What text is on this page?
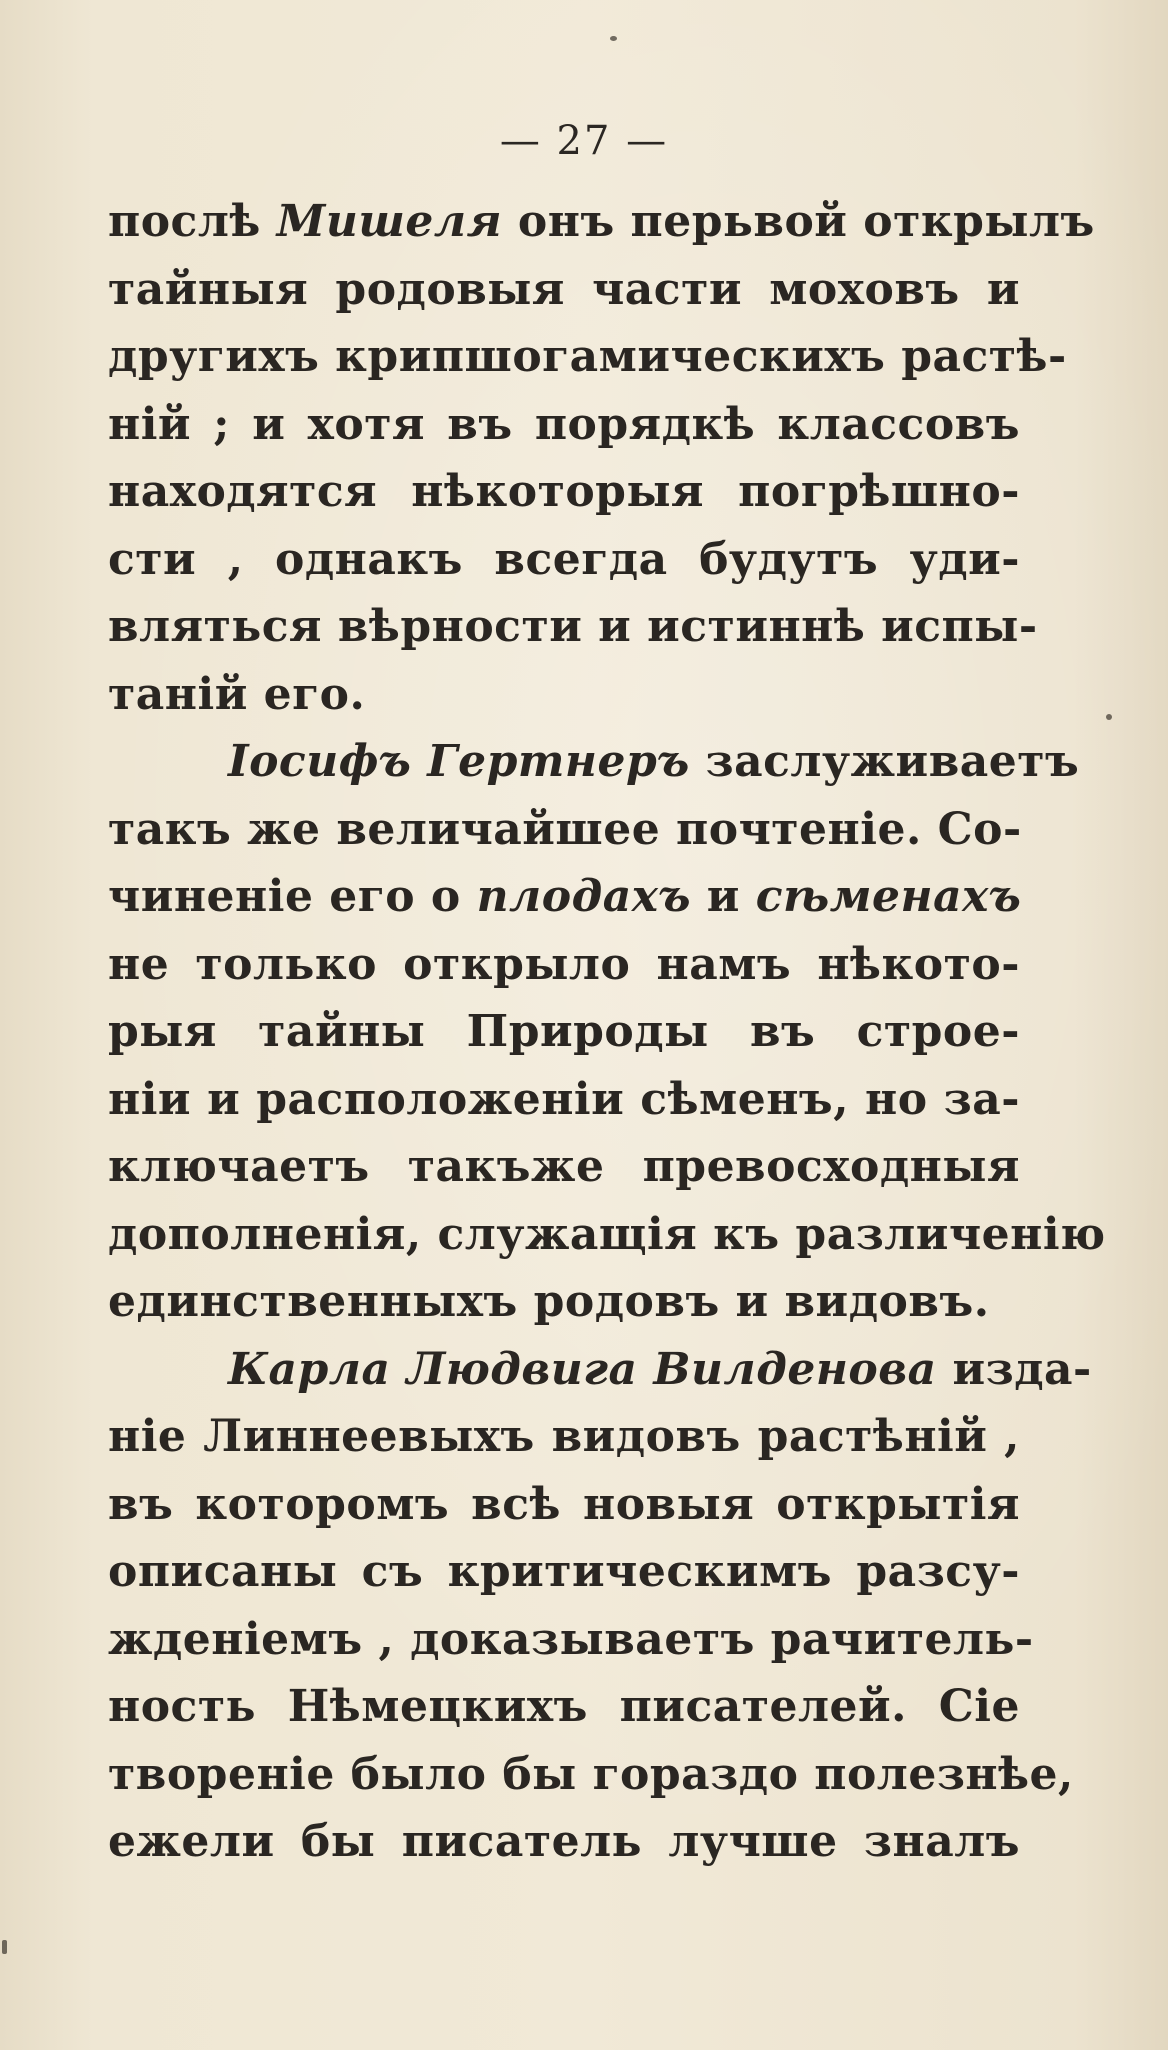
— 27 —
послѣ Мишеля онъ перьвой открылъ
тайныя родовыя части моховъ и
другихъ крипшогамическихъ растѣ-
ній ; и хотя въ порядкѣ классовъ
находятся нѣкоторыя погрѣшно-
сти , однакъ всегда будутъ уди-
вляться вѣрности и истиннѣ испы-
таній его.
Іосифъ Гертнеръ заслуживаетъ
такъ же величайшее почтеніе. Со-
чиненіе его о плодахъ и сѣменахъ
не только открыло намъ нѣкото-
рыя тайны Природы въ строе-
ніи и расположеніи сѣменъ, но за-
ключаетъ такъже превосходныя
дополненія, служащія къ различенію
единственныхъ родовъ и видовъ.
Карла Людвига Вилденова изда-
ніе Линнеевыхъ видовъ растѣній ,
въ которомъ всѣ новыя открытія
описаны съ критическимъ разсу-
жденіемъ , доказываетъ рачитель-
ность Нѣмецкихъ писателей. Сіе
твореніе было бы гораздо полезнѣе,
ежели бы писатель лучше зналъ
